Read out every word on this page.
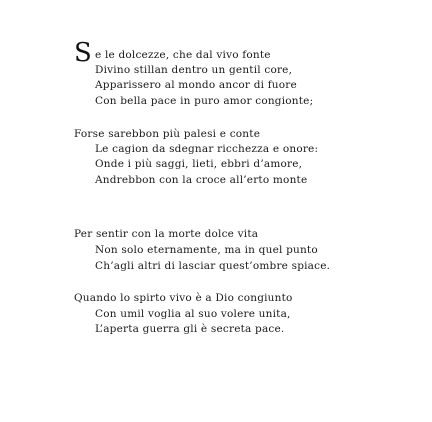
S e le dolcezze, che dal vivo fonte
Divino stillan dentro un gentil core,
Apparissero al mondo ancor di fuore
Con bella pace in puro amor congionte;
Forse sarebbon più palesi e conte
Le cagion da sdegnar ricchezza e onore:
Onde i più saggi, lieti, ebbri d’amore,
Andrebbon con la croce all’erto monte
Per sentir con la morte dolce vita
Non solo eternamente, ma in quel punto
Ch’agli altri di lasciar quest’ombre spiace.
Quando lo spirto vivo è a Dio congiunto
Con umil voglia al suo volere unita,
L’aperta guerra gli è secreta pace.
